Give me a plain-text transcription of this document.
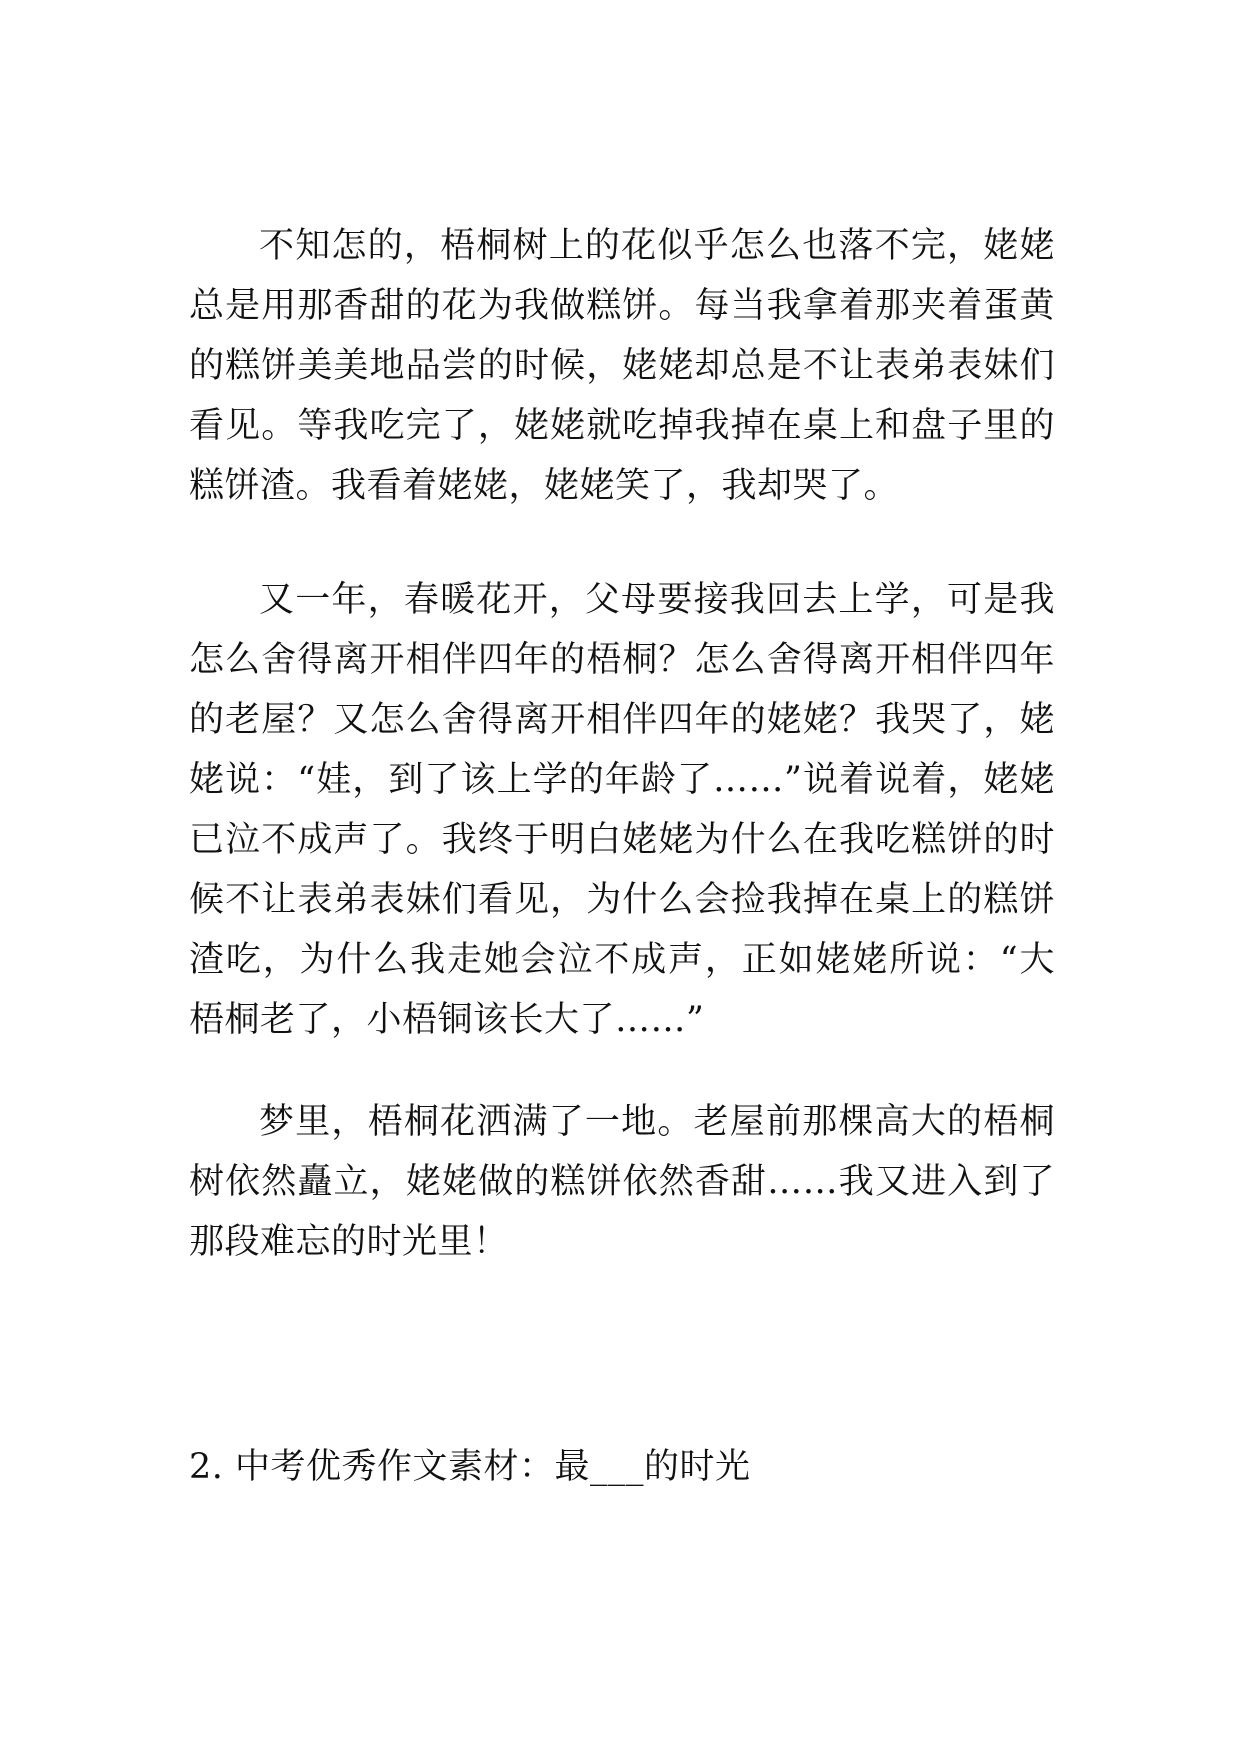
不知怎的，梧桐树上的花似乎怎么也落不完，姥姥总是用那香甜的花为我做糕饼。每当我拿着那夹着蛋黄的糕饼美美地品尝的时候，姥姥却总是不让表弟表妹们看见。等我吃完了，姥姥就吃掉我掉在桌上和盘子里的糕饼渣。我看着姥姥，姥姥笑了，我却哭了。

又一年，春暖花开，父母要接我回去上学，可是我怎么舍得离开相伴四年的梧桐？怎么舍得离开相伴四年的老屋？又怎么舍得离开相伴四年的姥姥？我哭了，姥姥说：“娃，到了该上学的年龄了……”说着说着，姥姥已泣不成声了。我终于明白姥姥为什么在我吃糕饼的时候不让表弟表妹们看见，为什么会捡我掉在桌上的糕饼渣吃，为什么我走她会泣不成声，正如姥姥所说：“大梧桐老了，小梧铜该长大了……”

梦里，梧桐花洒满了一地。老屋前那棵高大的梧桐树依然矗立，姥姥做的糕饼依然香甜……我又进入到了那段难忘的时光里！

2. 中考优秀作文素材：最___的时光
